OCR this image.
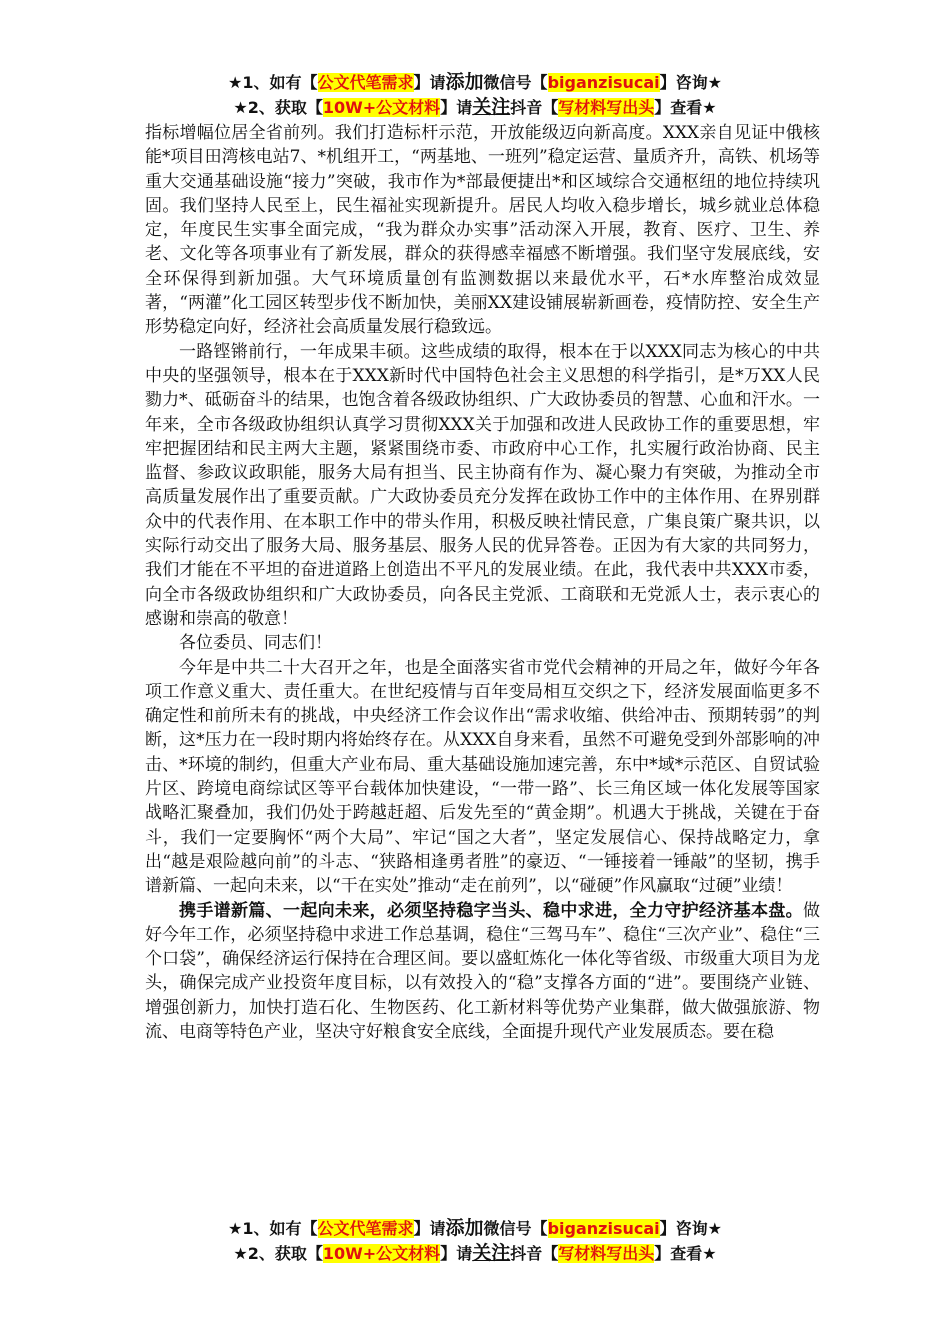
★1、如有【公文代笔需求】请添加微信号【biganzisucai】咨询★
★2、获取【10W+公文材料】请关注抖音【写材料写出头】查看★

指标增幅位居全省前列。我们打造标杆示范，开放能级迈向新高度。XXX亲自见证中俄核能*项目田湾核电站7、*机组开工，“两基地、一班列”稳定运营、量质齐升，高铁、机场等重大交通基础设施“接力”突破，我市作为*部最便捷出*和区域综合交通枢纽的地位持续巩固。我们坚持人民至上，民生福祉实现新提升。居民人均收入稳步增长，城乡就业总体稳定，年度民生实事全面完成，“我为群众办实事”活动深入开展，教育、医疗、卫生、养老、文化等各项事业有了新发展，群众的获得感幸福感不断增强。我们坚守发展底线，安全环保得到新加强。大气环境质量创有监测数据以来最优水平，石*水库整治成效显著，“两灌”化工园区转型步伐不断加快，美丽XX建设铺展崭新画卷，疫情防控、安全生产形势稳定向好，经济社会高质量发展行稳致远。

一路铿锵前行，一年成果丰硕。这些成绩的取得，根本在于以XXX同志为核心的中共中央的坚强领导，根本在于XXX新时代中国特色社会主义思想的科学指引，是*万XX人民勠力*、砥砺奋斗的结果，也饱含着各级政协组织、广大政协委员的智慧、心血和汗水。一年来，全市各级政协组织认真学习贯彻XXX关于加强和改进人民政协工作的重要思想，牢牢把握团结和民主两大主题，紧紧围绕市委、市政府中心工作，扎实履行政治协商、民主监督、参政议政职能，服务大局有担当、民主协商有作为、凝心聚力有突破，为推动全市高质量发展作出了重要贡献。广大政协委员充分发挥在政协工作中的主体作用、在界别群众中的代表作用、在本职工作中的带头作用，积极反映社情民意，广集良策广聚共识，以实际行动交出了服务大局、服务基层、服务人民的优异答卷。正因为有大家的共同努力，我们才能在不平坦的奋进道路上创造出不平凡的发展业绩。在此，我代表中共XXX市委，向全市各级政协组织和广大政协委员，向各民主党派、工商联和无党派人士，表示衷心的感谢和崇高的敬意！

各位委员、同志们！

今年是中共二十大召开之年，也是全面落实省市党代会精神的开局之年，做好今年各项工作意义重大、责任重大。在世纪疫情与百年变局相互交织之下，经济发展面临更多不确定性和前所未有的挑战，中央经济工作会议作出“需求收缩、供给冲击、预期转弱”的判断，这*压力在一段时期内将始终存在。从XXX自身来看，虽然不可避免受到外部影响的冲击、*环境的制约，但重大产业布局、重大基础设施加速完善，东中*域*示范区、自贸试验片区、跨境电商综试区等平台载体加快建设，“一带一路”、长三角区域一体化发展等国家战略汇聚叠加，我们仍处于跨越赶超、后发先至的“黄金期”。机遇大于挑战，关键在于奋斗，我们一定要胸怀“两个大局”、牢记“国之大者”，坚定发展信心、保持战略定力，拿出“越是艰险越向前”的斗志、“狭路相逢勇者胜”的豪迈、“一锤接着一锤敲”的坚韧，携手谱新篇、一起向未来，以“干在实处”推动“走在前列”，以“碰硬”作风赢取“过硬”业绩！

携手谱新篇、一起向未来，必须坚持稳字当头、稳中求进，全力守护经济基本盘。做好今年工作，必须坚持稳中求进工作总基调，稳住“三驾马车”、稳住“三次产业”、稳住“三个口袋”，确保经济运行保持在合理区间。要以盛虹炼化一体化等省级、市级重大项目为龙头，确保完成产业投资年度目标，以有效投入的“稳”支撑各方面的“进”。要围绕产业链、增强创新力，加快打造石化、生物医药、化工新材料等优势产业集群，做大做强旅游、物流、电商等特色产业，坚决守好粮食安全底线，全面提升现代产业发展质态。要在稳

★1、如有【公文代笔需求】请添加微信号【biganzisucai】咨询★
★2、获取【10W+公文材料】请关注抖音【写材料写出头】查看★
